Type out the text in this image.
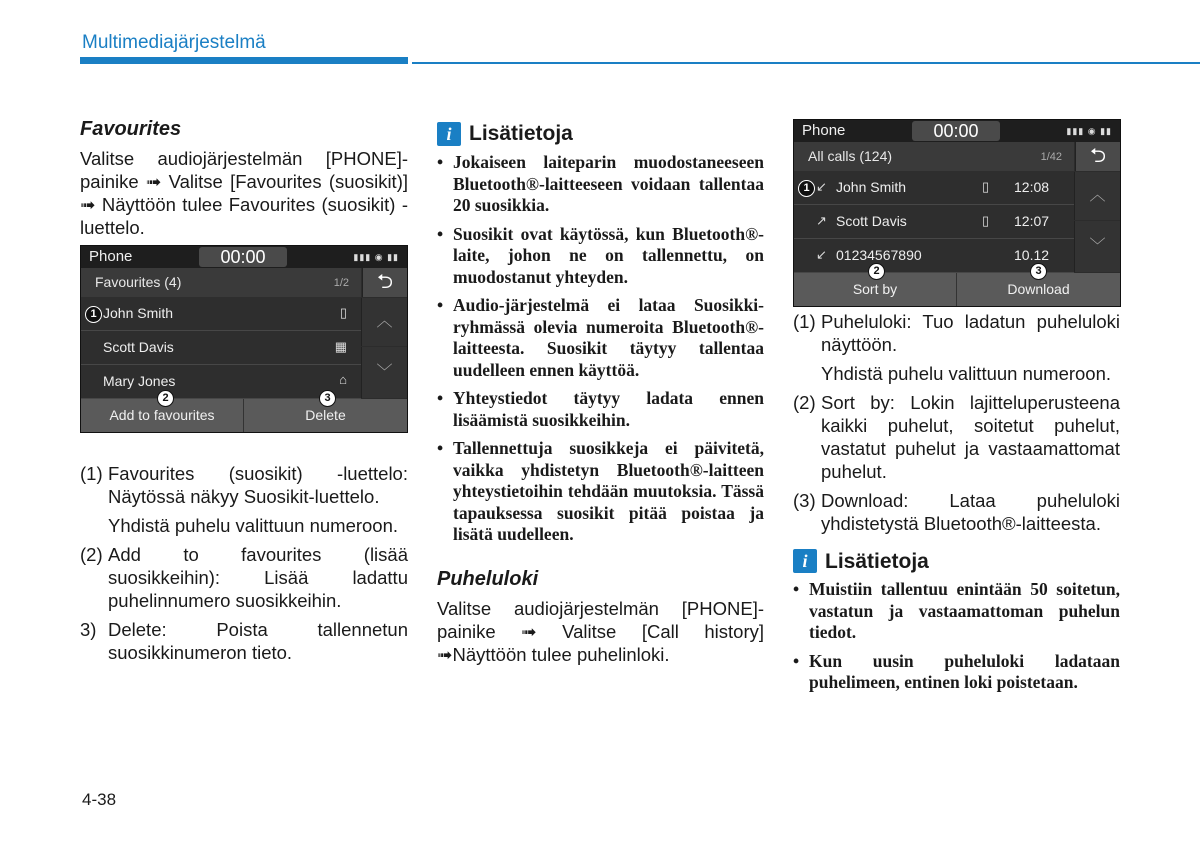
Multimediajärjestelmä
Favourites

Valitse audiojärjestelmän [PHONE]-painike ➟ Valitse [Favourites (suosikit)] ➟ Näyttöön tulee Favourites (suosikit) -luettelo.

Phone	00:00	▮▮▮ ◉ ▮▮
Favourites (4)	1/2	⮌
1 John Smith	▯
Scott Davis	▦
Mary Jones	⌂
︿
﹀
Add to favourites	Delete
2	3
(1) Favourites (suosikit) -luettelo: Näytössä näkyy Suosikit-luettelo.

Yhdistä puhelu valittuun numeroon.

(2) Add to favourites (lisää suosikkeihin): Lisää ladattu puhelinnumero suosikkeihin.

3) Delete: Poista tallennetun suosikkinumeron tieto.

i Lisätietoja
• Jokaiseen laiteparin muodostaneeseen Bluetooth®-laitteeseen voidaan tallentaa 20 suosikkia.
• Suosikit ovat käytössä, kun Bluetooth®-laite, johon ne on tallennettu, on muodostanut yhteyden.
• Audio-järjestelmä ei lataa Suosikki-ryhmässä olevia numeroita Bluetooth®-laitteesta. Suosikit täytyy tallentaa uudelleen ennen käyttöä.
• Yhteystiedot täytyy ladata ennen lisäämistä suosikkeihin.
• Tallennettuja suosikkeja ei päivitetä, vaikka yhdistetyn Bluetooth®-laitteen yhteystietoihin tehdään muutoksia. Tässä tapauksessa suosikit pitää poistaa ja lisätä uudelleen.
Puheluloki

Valitse audiojärjestelmän [PHONE]-painike ➟ Valitse [Call history] ➟Näyttöön tulee puhelinloki.

Phone	00:00	▮▮▮ ◉ ▮▮
All calls (124)	1/42	⮌
1 ↙ John Smith	▯ 12:08
↗ Scott Davis	▯ 12:07
↙ 01234567890	10.12
︿
﹀
Sort by	Download
2	3
(1) Puheluloki: Tuo ladatun puheluloki näyttöön.

Yhdistä puhelu valittuun numeroon.

(2) Sort by: Lokin lajitteluperusteena kaikki puhelut, soitetut puhelut, vastatut puhelut ja vastaamattomat puhelut.

(3) Download: Lataa puheluloki yhdistetystä Bluetooth®-laitteesta.

i Lisätietoja
• Muistiin tallentuu enintään 50 soitetun, vastatun ja vastaamattoman puhelun tiedot.
• Kun uusin puheluloki ladataan puhelimeen, entinen loki poistetaan.
4-38
